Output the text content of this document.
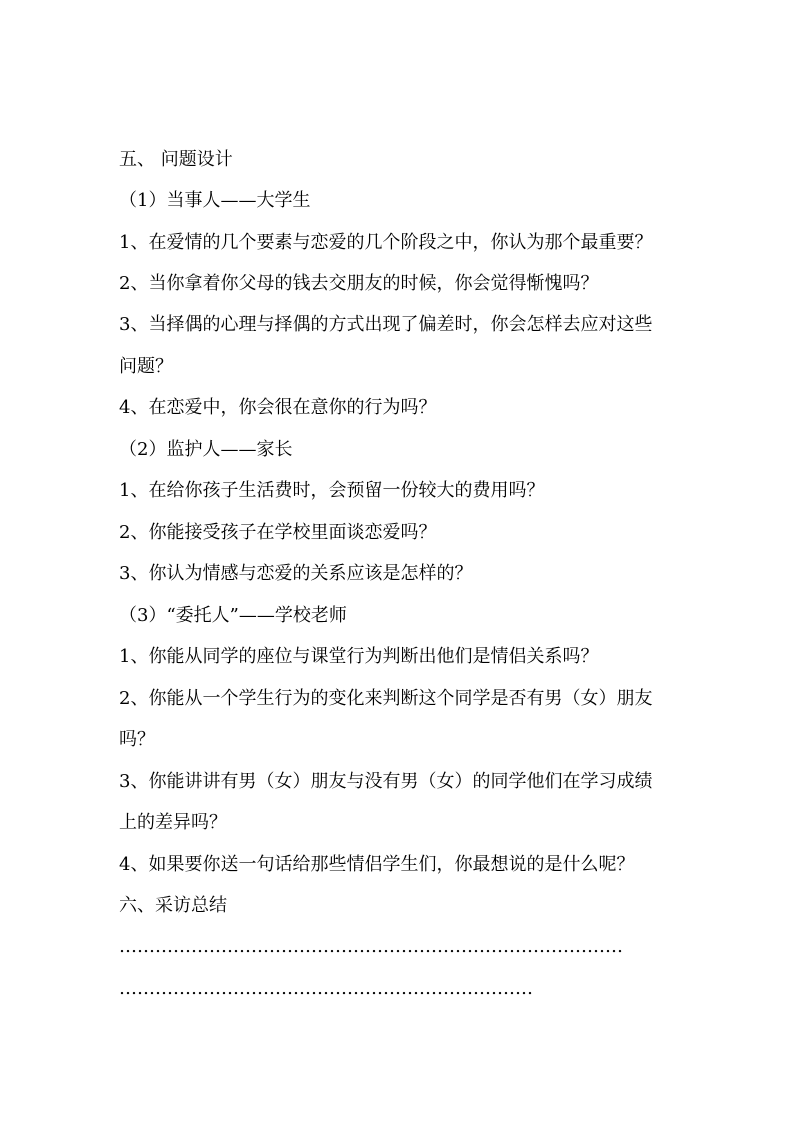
五、 问题设计
（1）当事人——大学生
1、在爱情的几个要素与恋爱的几个阶段之中，你认为那个最重要？
2、当你拿着你父母的钱去交朋友的时候，你会觉得惭愧吗？
3、当择偶的心理与择偶的方式出现了偏差时，你会怎样去应对这些
问题？
4、在恋爱中，你会很在意你的行为吗？
（2）监护人——家长
1、在给你孩子生活费时，会预留一份较大的费用吗？
2、你能接受孩子在学校里面谈恋爱吗？
3、你认为情感与恋爱的关系应该是怎样的？
（3）“委托人”——学校老师
1、你能从同学的座位与课堂行为判断出他们是情侣关系吗？
2、你能从一个学生行为的变化来判断这个同学是否有男（女）朋友
吗？
3、你能讲讲有男（女）朋友与没有男（女）的同学他们在学习成绩
上的差异吗？
4、如果要你送一句话给那些情侣学生们，你最想说的是什么呢？
六、采访总结
…………………………………………………………………………
……………………………………………………………
